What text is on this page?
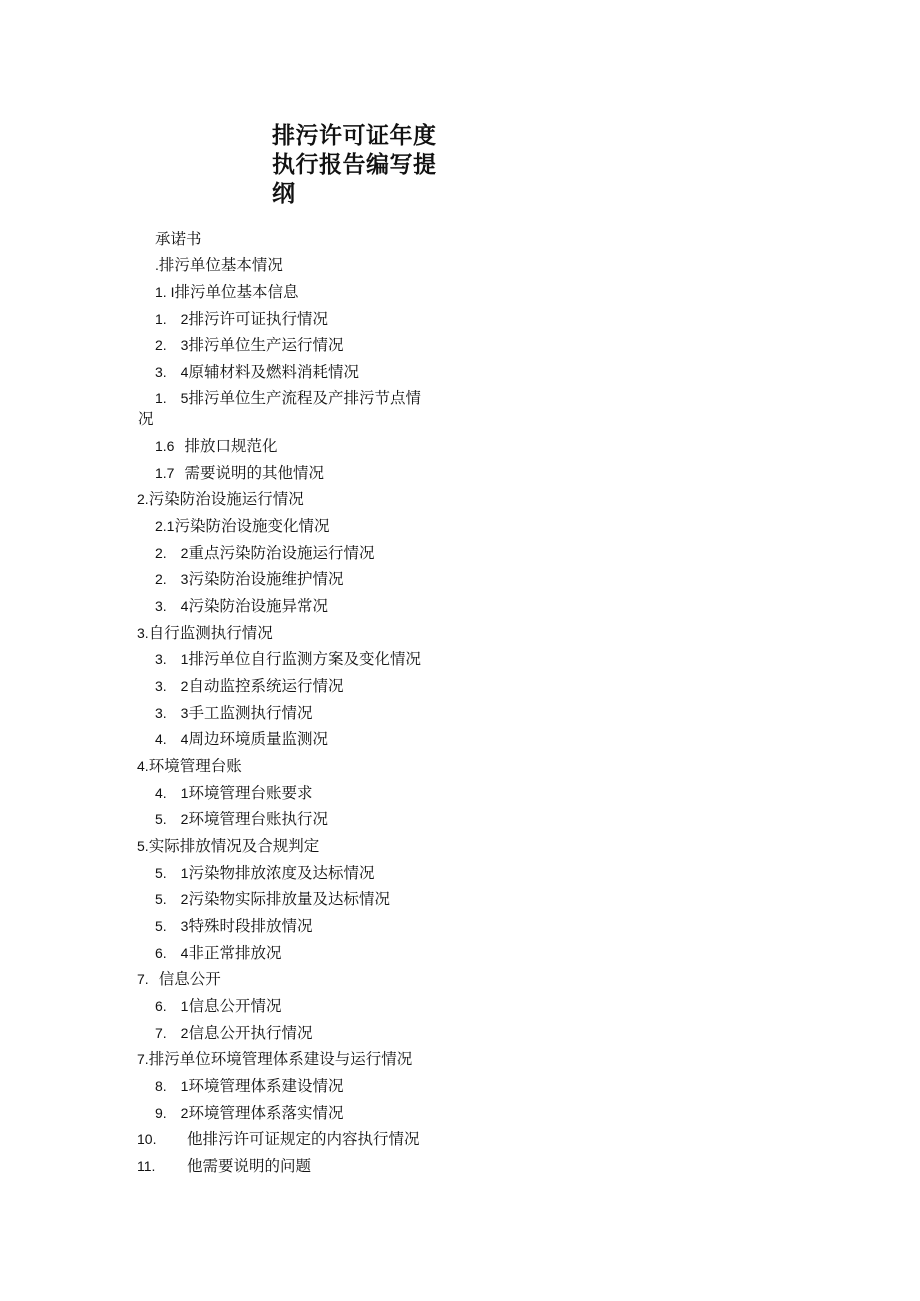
排污许可证年度
执行报告编写提
纲
承诺书
.排污单位基本情况
1. I排污单位基本信息
1.　2排污许可证执行情况
2.　3排污单位生产运行情况
3.　4原辅材料及燃料消耗情况
1.　5排污单位生产流程及产排污节点情
况
1.6 排放口规范化
1.7 需要说明的其他情况
2.污染防治设施运行情况
2.1污染防治设施变化情况
2.　2重点污染防治设施运行情况
2.　3污染防治设施维护情况
3.　4污染防治设施异常况
3.自行监测执行情况
3.　1排污单位自行监测方案及变化情况
3.　2自动监控系统运行情况
3.　3手工监测执行情况
4.　4周边环境质量监测况
4.环境管理台账
4.　1环境管理台账要求
5.　2环境管理台账执行况
5.实际排放情况及合规判定
5.　1污染物排放浓度及达标情况
5.　2污染物实际排放量及达标情况
5.　3特殊时段排放情况
6.　4非正常排放况
7. 信息公开
6.　1信息公开情况
7.　2信息公开执行情况
7.排污单位环境管理体系建设与运行情况
8.　1环境管理体系建设情况
9.　2环境管理体系落实情况
10. 他排污许可证规定的内容执行情况
11. 他需要说明的问题
